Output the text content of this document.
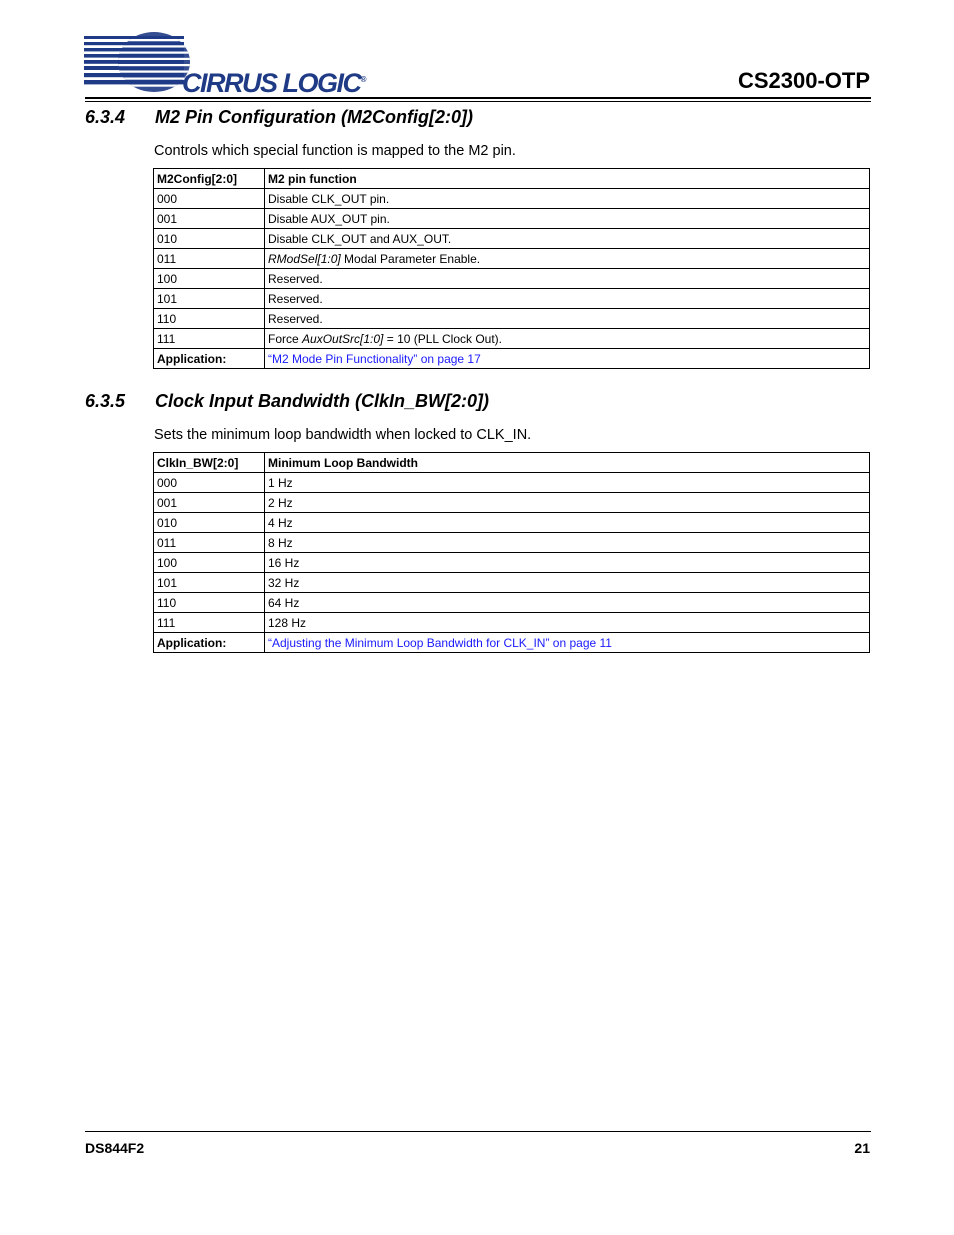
CIRRUS LOGIC®	CS2300-OTP
6.3.4 M2 Pin Configuration (M2Config[2:0])
Controls which special function is mapped to the M2 pin.
M2Config[2:0]	M2 pin function
000	Disable CLK_OUT pin.
001	Disable AUX_OUT pin.
010	Disable CLK_OUT and AUX_OUT.
011	RModSel[1:0] Modal Parameter Enable.
100	Reserved.
101	Reserved.
110	Reserved.
111	Force AuxOutSrc[1:0] = 10 (PLL Clock Out).
Application:	“M2 Mode Pin Functionality” on page 17
6.3.5 Clock Input Bandwidth (ClkIn_BW[2:0])
Sets the minimum loop bandwidth when locked to CLK_IN.
ClkIn_BW[2:0]	Minimum Loop Bandwidth
000	1 Hz
001	2 Hz
010	4 Hz
011	8 Hz
100	16 Hz
101	32 Hz
110	64 Hz
111	128 Hz
Application:	“Adjusting the Minimum Loop Bandwidth for CLK_IN” on page 11
DS844F2	21
